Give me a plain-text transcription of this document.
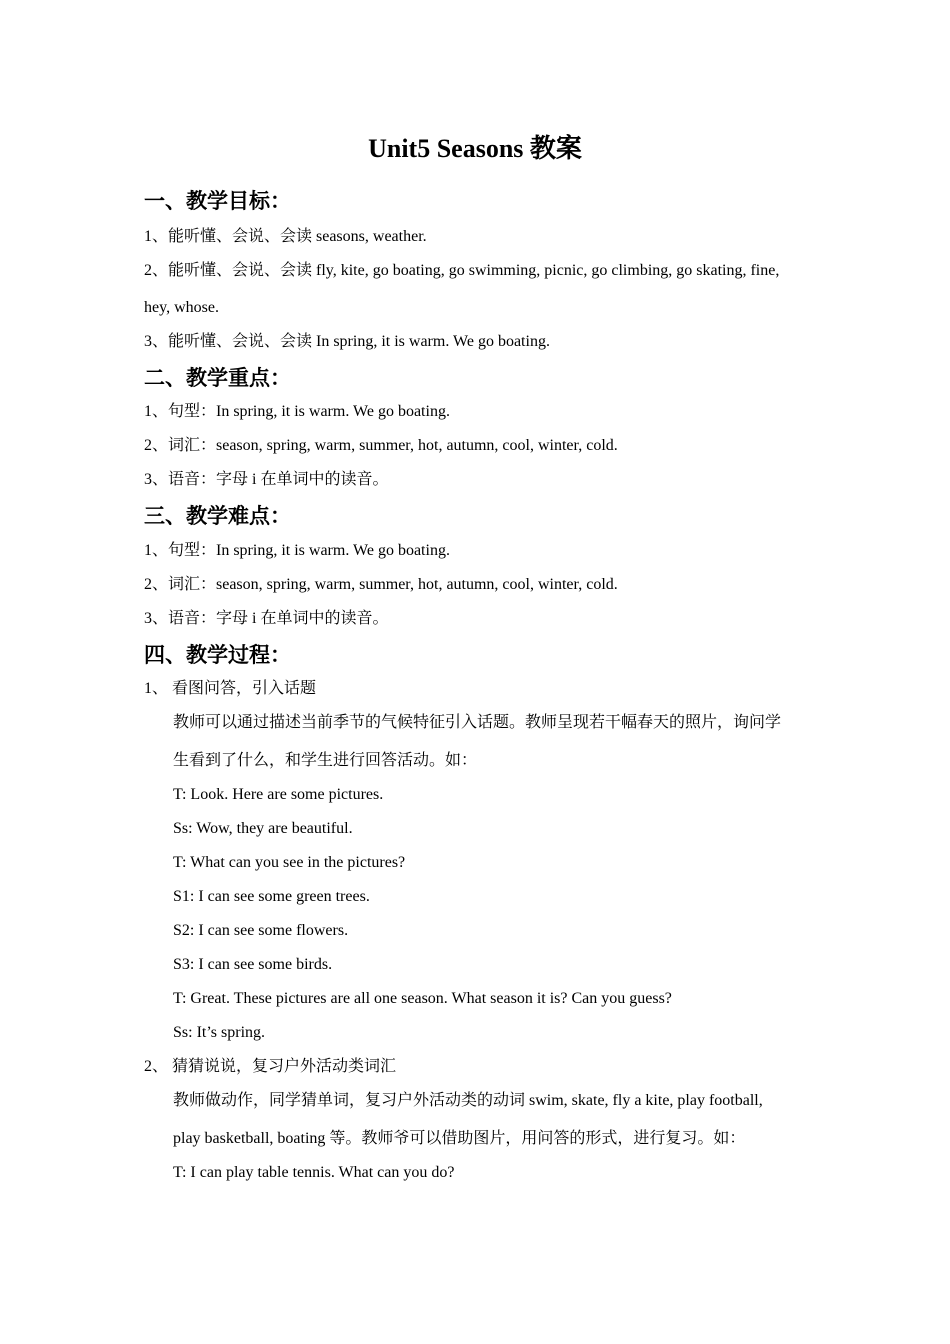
Unit5 Seasons 教案
一、教学目标：
1、能听懂、会说、会读 seasons, weather.
2、能听懂、会说、会读 fly, kite, go boating, go swimming, picnic, go climbing, go skating, fine,
hey, whose.
3、能听懂、会说、会读 In spring, it is warm. We go boating.
二、教学重点：
1、句型：In spring, it is warm. We go boating.
2、词汇：season, spring, warm, summer, hot, autumn, cool, winter, cold.
3、语音：字母 i 在单词中的读音。
三、教学难点：
1、句型：In spring, it is warm. We go boating.
2、词汇：season, spring, warm, summer, hot, autumn, cool, winter, cold.
3、语音：字母 i 在单词中的读音。
四、教学过程：
1、 看图问答，引入话题
教师可以通过描述当前季节的气候特征引入话题。教师呈现若干幅春天的照片，询问学
生看到了什么，和学生进行回答活动。如：
T: Look. Here are some pictures.
Ss: Wow, they are beautiful.
T: What can you see in the pictures?
S1: I can see some green trees.
S2: I can see some flowers.
S3: I can see some birds.
T: Great. These pictures are all one season. What season it is? Can you guess?
Ss: It’s spring.
2、 猜猜说说，复习户外活动类词汇
教师做动作，同学猜单词，复习户外活动类的动词 swim, skate, fly a kite, play football,
play basketball, boating 等。教师爷可以借助图片，用问答的形式，进行复习。如：
T: I can play table tennis. What can you do?
